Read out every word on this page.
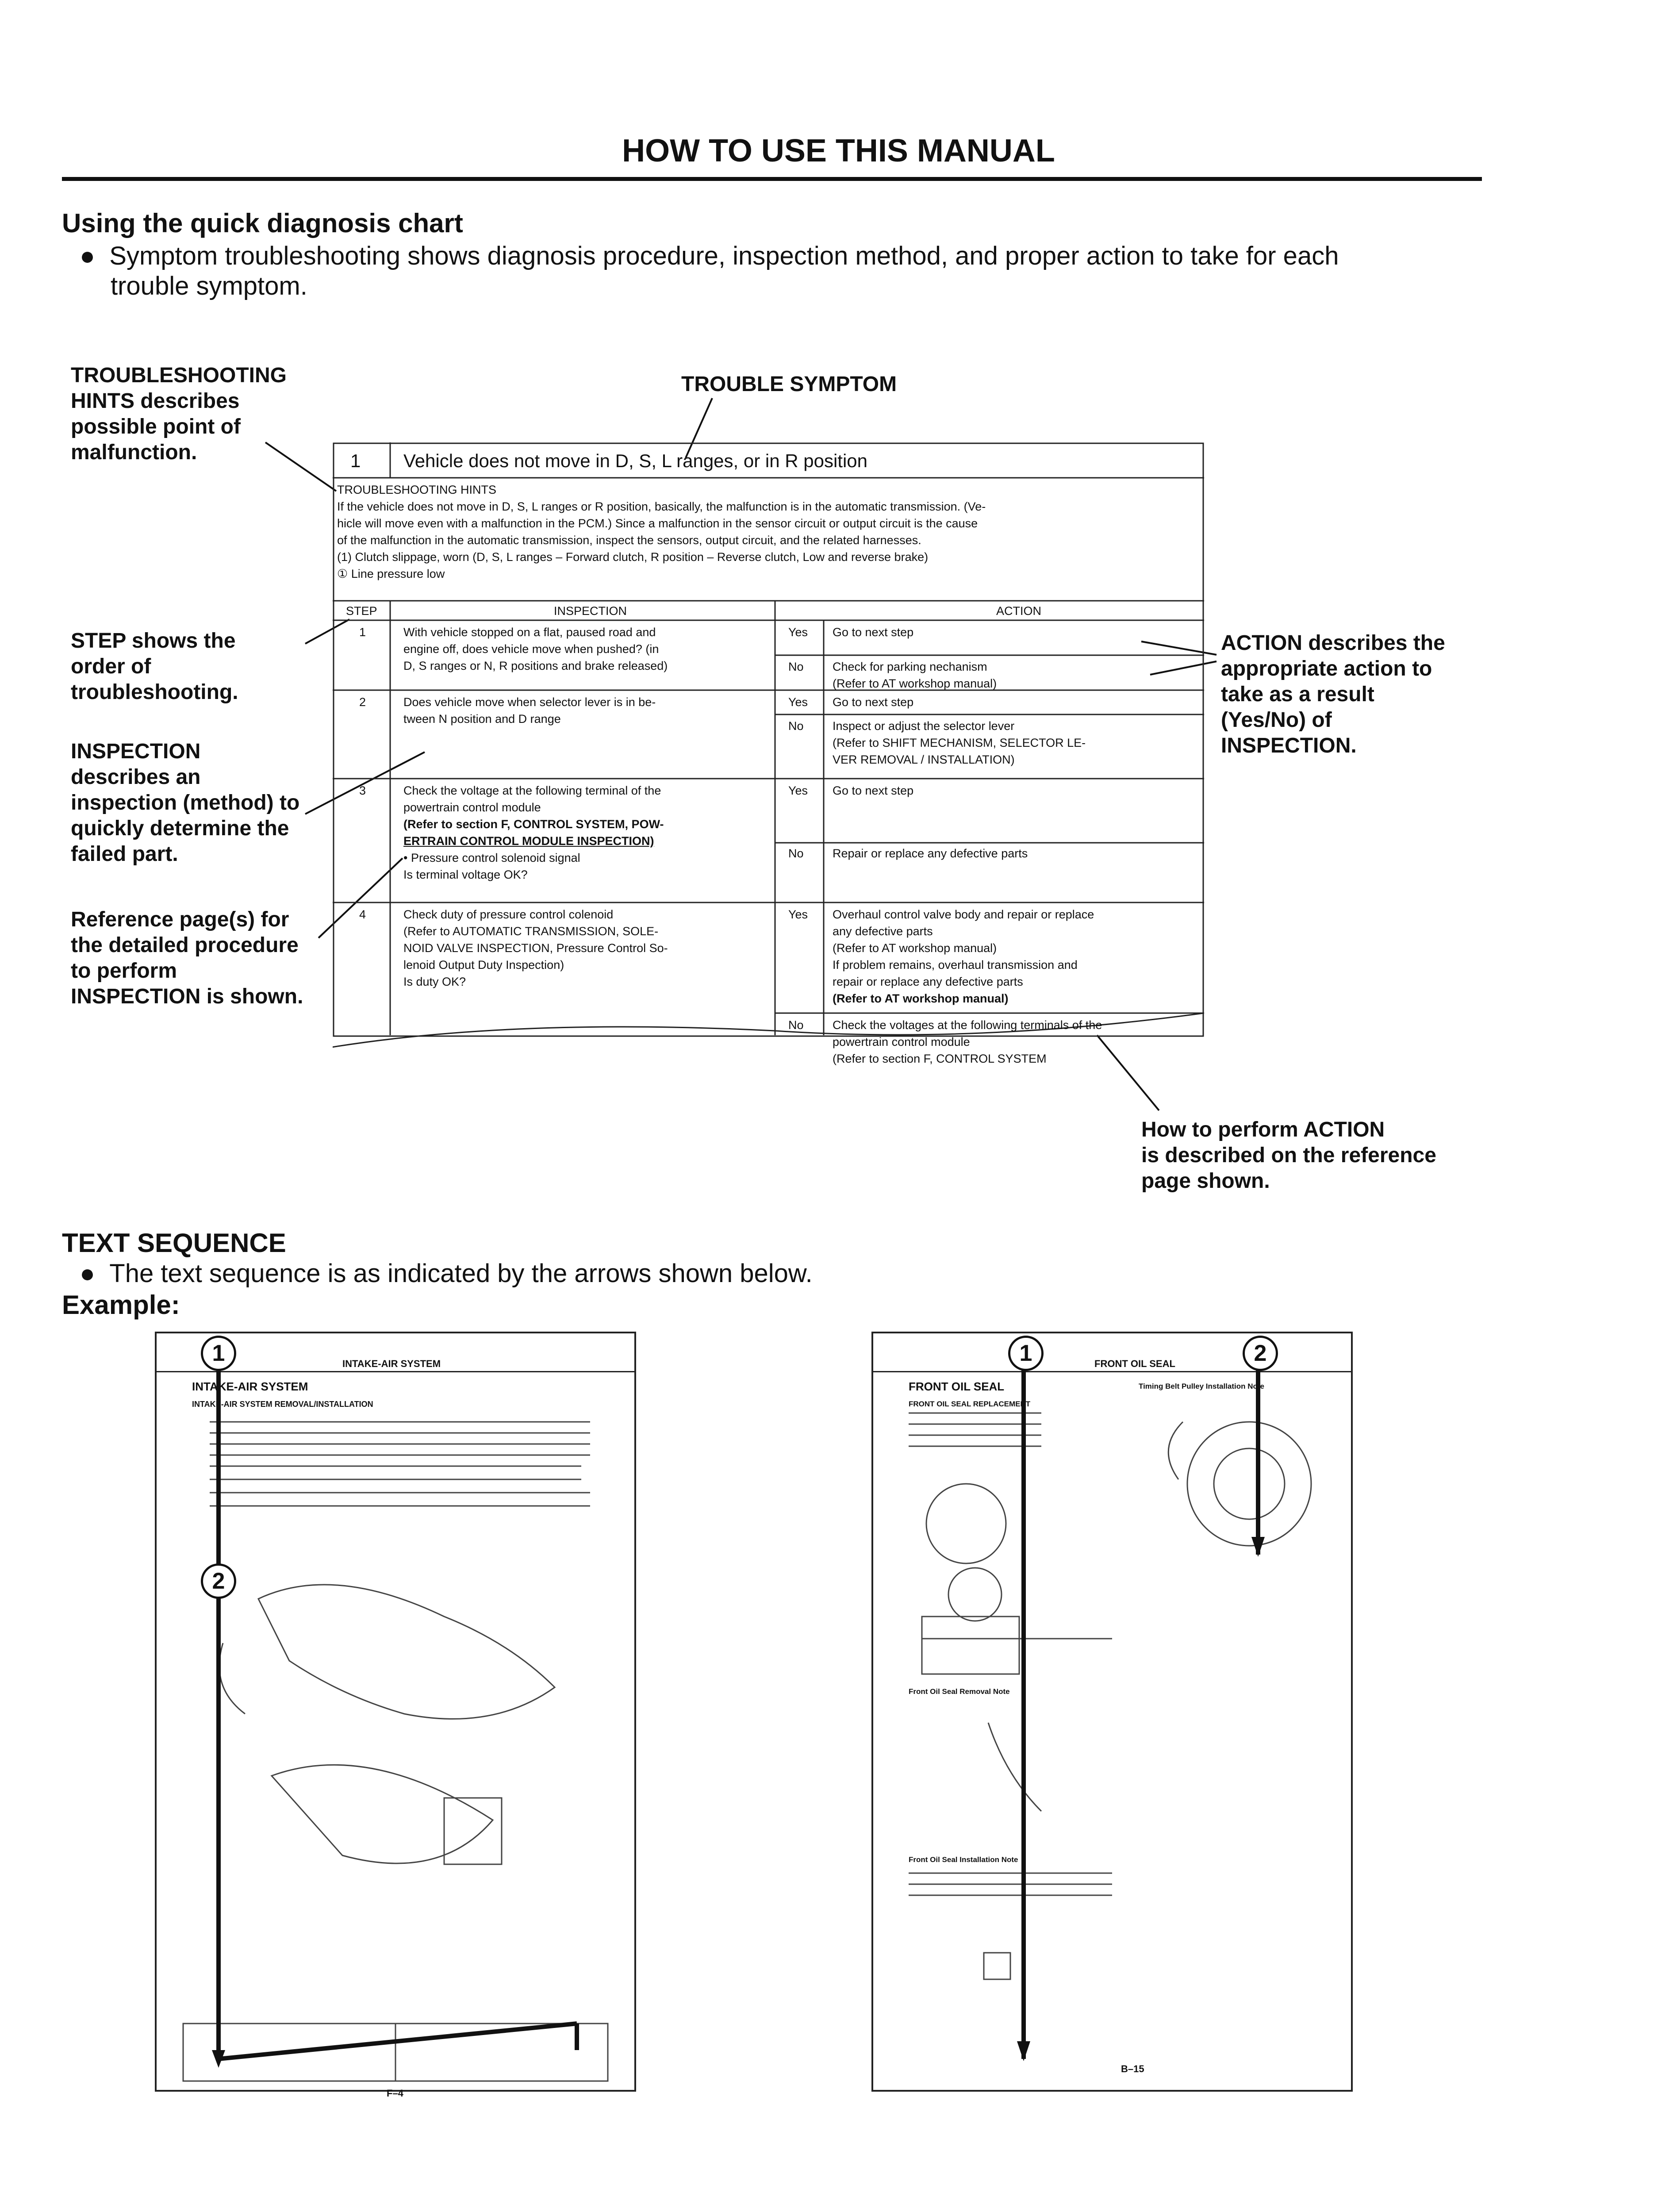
HOW TO USE THIS MANUAL
Using the quick diagnosis chart
●  Symptom troubleshooting shows diagnosis procedure, inspection method, and proper action to take for each
trouble symptom.
TROUBLESHOOTING
HINTS describes
possible point of
malfunction.
TROUBLE SYMPTOM
STEP shows the
order of
troubleshooting.
INSPECTION
describes an
inspection (method) to
quickly determine the
failed part.
Reference page(s) for
the detailed procedure
to perform
INSPECTION is shown.
ACTION describes the
appropriate action to
take as a result
(Yes/No) of
INSPECTION.
How to perform ACTION
is described on the reference
page shown.
1 Vehicle does not move in D, S, L ranges, or in R position
TROUBLESHOOTING HINTS
If the vehicle does not move in D, S, L ranges or R position, basically, the malfunction is in the automatic transmission. (Ve-
hicle will move even with a malfunction in the PCM.) Since a malfunction in the sensor circuit or output circuit is the cause
of the malfunction in the automatic transmission, inspect the sensors, output circuit, and the related harnesses.
(1) Clutch slippage, worn (D, S, L ranges – Forward clutch, R position – Reverse clutch, Low and reverse brake)
① Line pressure low
STEP	INSPECTION	ACTION
1	With vehicle stopped on a flat, paused road and
engine off, does vehicle move when pushed? (in
D, S ranges or N, R positions and brake released)
Yes Go to next step
No Check for parking nechanism
(Refer to AT workshop manual)
2	Does vehicle move when selector lever is in be-
tween N position and D range
Yes Go to next step
No Inspect or adjust the selector lever
(Refer to SHIFT MECHANISM, SELECTOR LE-
VER REMOVAL / INSTALLATION)
3	Check the voltage at the following terminal of the
powertrain control module
(Refer to section F, CONTROL SYSTEM, POW-
ERTRAIN CONTROL MODULE INSPECTION)
• Pressure control solenoid signal
Is terminal voltage OK?
Yes Go to next step
No Repair or replace any defective parts
4	Check duty of pressure control colenoid
(Refer to AUTOMATIC TRANSMISSION, SOLE-
NOID VALVE INSPECTION, Pressure Control So-
lenoid Output Duty Inspection)
Is duty OK?
Yes Overhaul control valve body and repair or replace
any defective parts
(Refer to AT workshop manual)
If problem remains, overhaul transmission and
repair or replace any defective parts
(Refer to AT workshop manual)
No Check the voltages at the following terminals of the
powertrain control module
(Refer to section F, CONTROL SYSTEM
TEXT SEQUENCE
●  The text sequence is as indicated by the arrows shown below.
Example:
INTAKE-AIR SYSTEM
INTAKE-AIR SYSTEM
INTAKE-AIR SYSTEM REMOVAL/INSTALLATION
1
2
F–4
FRONT OIL SEAL
FRONT OIL SEAL
FRONT OIL SEAL REPLACEMENT
Timing Belt Pulley Installation Note
Front Oil Seal Removal Note
Front Oil Seal Installation Note
1	2
B–15
